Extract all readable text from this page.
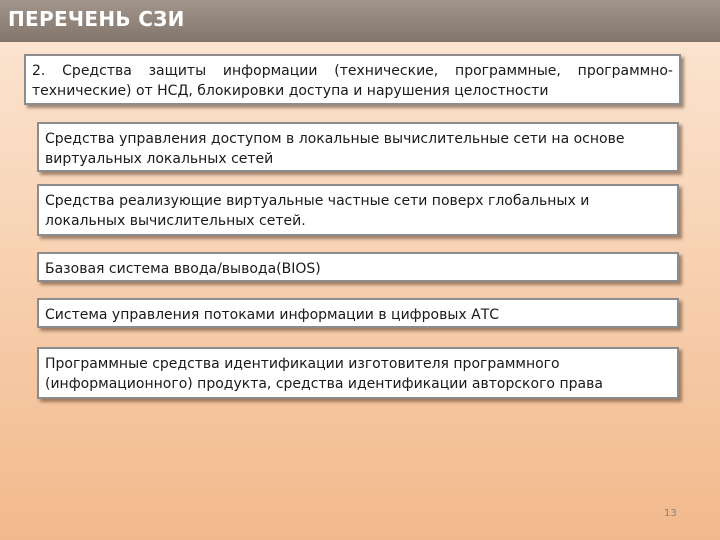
ПЕРЕЧЕНЬ СЗИ
2. Средства защиты информации (технические, программные, программно-технические) от НСД, блокировки доступа и нарушения целостности
Средства управления доступом в локальные вычислительные сети на основе виртуальных локальных сетей
Средства реализующие виртуальные частные сети поверх глобальных и локальных вычислительных сетей.
Базовая система ввода/вывода(BIOS)
Система управления потоками информации в цифровых АТС
Программные средства идентификации изготовителя программного (информационного) продукта, средства идентификации авторского права
13
